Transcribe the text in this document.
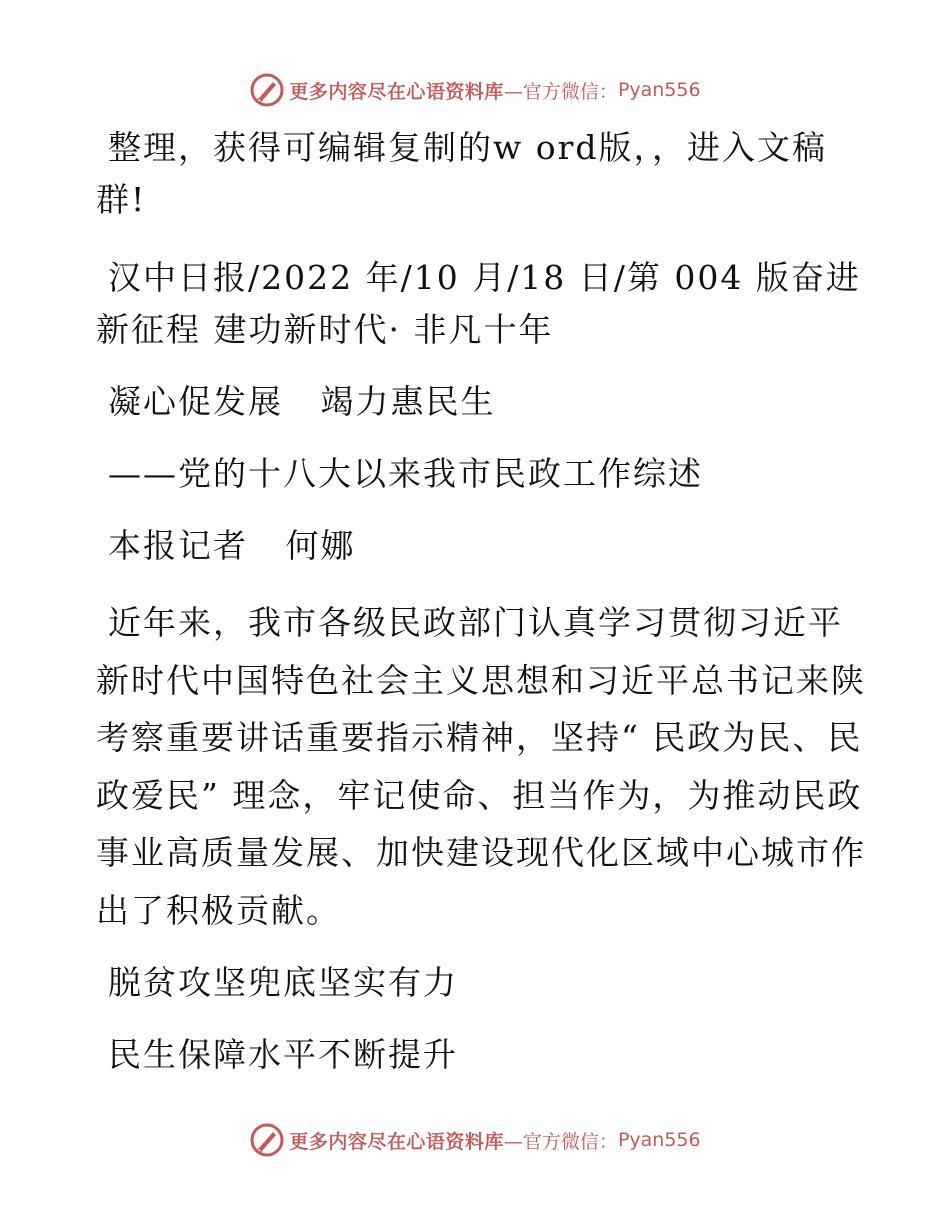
更多内容尽在心语资料库 —官方微信： Pyan556

整理，获得可编辑复制的w ord版，，进入文稿群!

汉中日报/2022 年/10 月/18 日/第 004 版奋进新征程 建功新时代· 非凡十年

凝心促发展   竭力惠民生

——党的十八大以来我市民政工作综述

本报记者   何娜

近年来，我市各级民政部门认真学习贯彻习近平新时代中国特色社会主义思想和习近平总书记来陕考察重要讲话重要指示精神，坚持“ 民政为民、民政爱民” 理念，牢记使命、担当作为，为推动民政事业高质量发展、加快建设现代化区域中心城市作出了积极贡献。

脱贫攻坚兜底坚实有力

民生保障水平不断提升

更多内容尽在心语资料库 —官方微信： Pyan556
